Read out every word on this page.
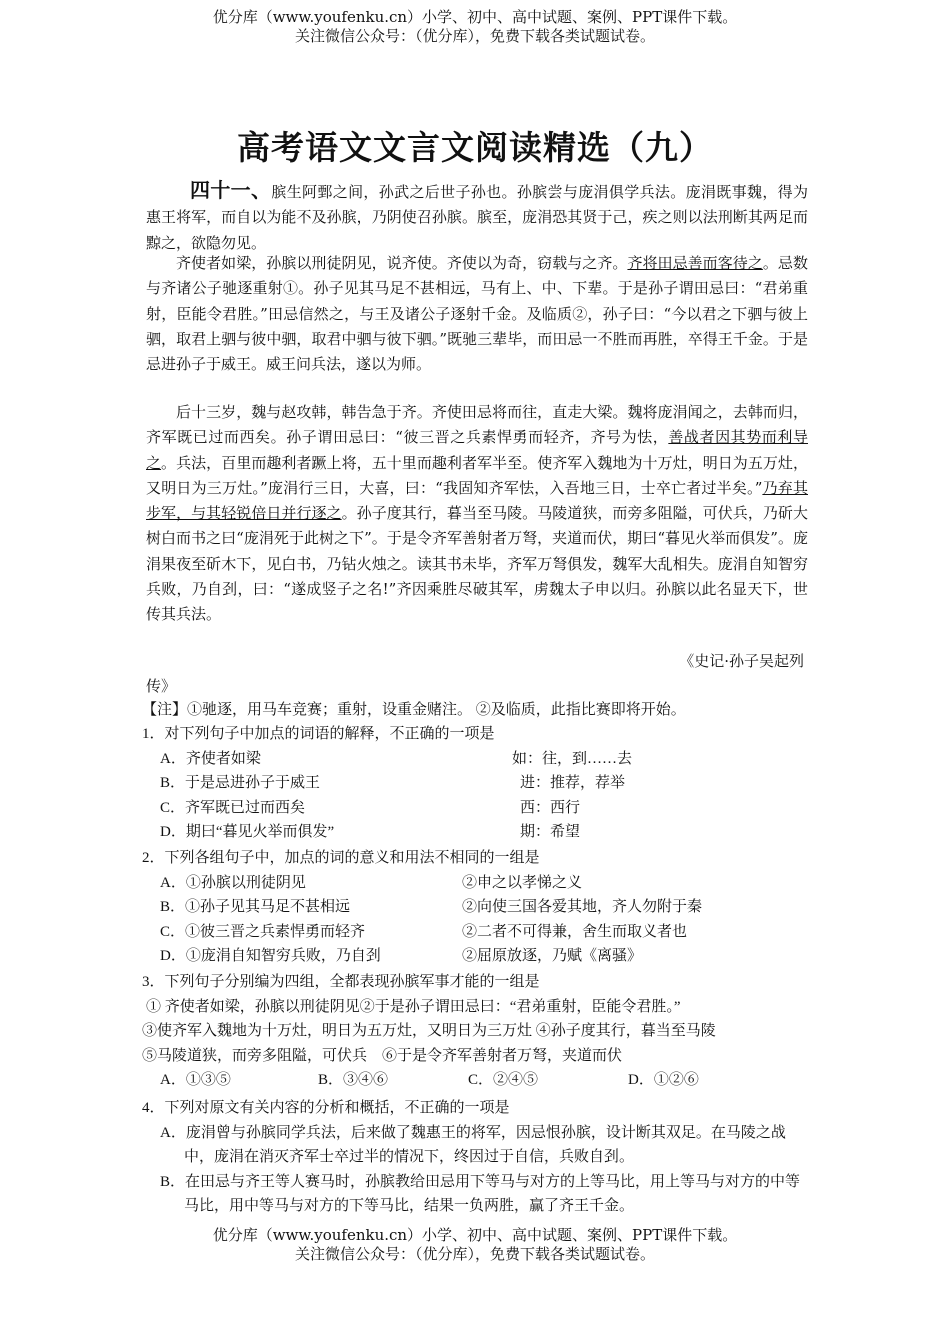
优分库（www.youfenku.cn）小学、初中、高中试题、案例、PPT课件下载。
关注微信公众号：（优分库），免费下载各类试题试卷。
高考语文文言文阅读精选（九）

四十一、膑生阿鄄之间，孙武之后世子孙也。孙膑尝与庞涓俱学兵法。庞涓既事魏，得为惠王将军，而自以为能不及孙膑，乃阴使召孙膑。膑至，庞涓恐其贤于己，疾之则以法刑断其两足而黥之，欲隐勿见。

齐使者如梁，孙膑以刑徒阴见，说齐使。齐使以为奇，窃载与之齐。齐将田忌善而客待之。忌数与齐诸公子驰逐重射①。孙子见其马足不甚相远，马有上、中、下辈。于是孙子谓田忌曰：“君弟重射，臣能令君胜。”田忌信然之，与王及诸公子逐射千金。及临质②，孙子曰：“今以君之下驷与彼上驷，取君上驷与彼中驷，取君中驷与彼下驷。”既驰三辈毕，而田忌一不胜而再胜，卒得王千金。于是忌进孙子于威王。威王问兵法，遂以为师。

后十三岁，魏与赵攻韩，韩告急于齐。齐使田忌将而往，直走大梁。魏将庞涓闻之，去韩而归，齐军既已过而西矣。孙子谓田忌曰：“彼三晋之兵素悍勇而轻齐，齐号为怯，善战者因其势而利导之。兵法，百里而趣利者蹶上将，五十里而趣利者军半至。使齐军入魏地为十万灶，明日为五万灶，又明日为三万灶。”庞涓行三日，大喜，曰：“我固知齐军怯，入吾地三日，士卒亡者过半矣。”乃弃其步军，与其轻锐倍日并行逐之。孙子度其行，暮当至马陵。马陵道狭，而旁多阻隘，可伏兵，乃斫大树白而书之曰“庞涓死于此树之下”。于是令齐军善射者万弩，夹道而伏，期曰“暮见火举而俱发”。庞涓果夜至斫木下，见白书，乃钻火烛之。读其书未毕，齐军万弩俱发，魏军大乱相失。庞涓自知智穷兵败，乃自刭，曰：“遂成竖子之名!”齐因乘胜尽破其军，虏魏太子申以归。孙膑以此名显天下，世传其兵法。

《史记·孙子吴起列
传》
【注】①驰逐，用马车竞赛；重射，设重金赌注。 ②及临质，此指比赛即将开始。
1．对下列句子中加点的词语的解释，不正确的一项是
A．齐使者如梁	如：往，到……去
B．于是忌进孙子于威王	进：推荐，荐举
C．齐军既已过而西矣	西：西行
D．期曰“暮见火举而俱发”	期：希望
2．下列各组句子中，加点的词的意义和用法不相同的一组是
A．①孙膑以刑徒阴见	②申之以孝悌之义
B．①孙子见其马足不甚相远	②向使三国各爱其地，齐人勿附于秦
C．①彼三晋之兵素悍勇而轻齐	②二者不可得兼，舍生而取义者也
D．①庞涓自知智穷兵败，乃自刭	②屈原放逐，乃赋《离骚》
3．下列句子分别编为四组，全都表现孙膑军事才能的一组是
① 齐使者如梁，孙膑以刑徒阴见②于是孙子谓田忌曰：“君弟重射，臣能令君胜。”
③使齐军入魏地为十万灶，明日为五万灶，又明日为三万灶 ④孙子度其行，暮当至马陵
⑤马陵道狭，而旁多阻隘，可伏兵　⑥于是令齐军善射者万弩，夹道而伏
A．①③⑤	B．③④⑥	C．②④⑤	D．①②⑥
4．下列对原文有关内容的分析和概括，不正确的一项是
A．庞涓曾与孙膑同学兵法，后来做了魏惠王的将军，因忌恨孙膑，设计断其双足。在马陵之战中，庞涓在消灭齐军士卒过半的情况下，终因过于自信，兵败自刭。
B．在田忌与齐王等人赛马时，孙膑教给田忌用下等马与对方的上等马比，用上等马与对方的中等马比，用中等马与对方的下等马比，结果一负两胜，赢了齐王千金。
优分库（www.youfenku.cn）小学、初中、高中试题、案例、PPT课件下载。
关注微信公众号：（优分库），免费下载各类试题试卷。
